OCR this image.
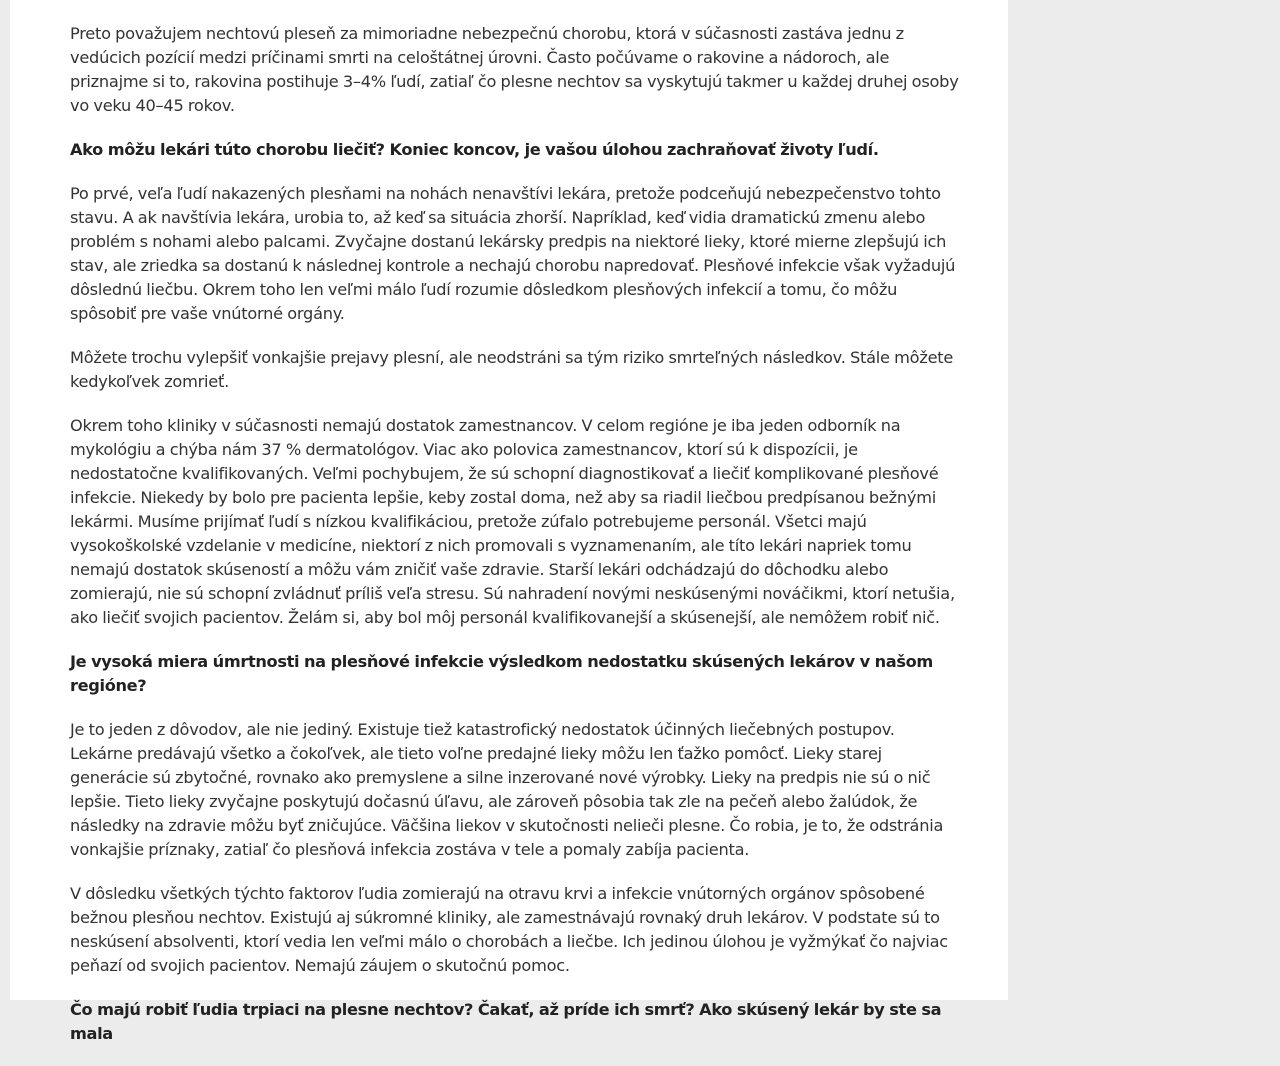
Preto považujem nechtovú pleseň za mimoriadne nebezpečnú chorobu, ktorá v súčasnosti zastáva jednu z vedúcich pozícií medzi príčinami smrti na celoštátnej úrovni. Často počúvame o rakovine a nádoroch, ale priznajme si to, rakovina postihuje 3–4% ľudí, zatiaľ čo plesne nechtov sa vyskytujú takmer u každej druhej osoby vo veku 40–45 rokov.

Ako môžu lekári túto chorobu liečiť? Koniec koncov, je vašou úlohou zachraňovať životy ľudí.

Po prvé, veľa ľudí nakazených plesňami na nohách nenavštívi lekára, pretože podceňujú nebezpečenstvo tohto stavu. A ak navštívia lekára, urobia to, až keď sa situácia zhorší. Napríklad, keď vidia dramatickú zmenu alebo problém s nohami alebo palcami. Zvyčajne dostanú lekársky predpis na niektoré lieky, ktoré mierne zlepšujú ich stav, ale zriedka sa dostanú k následnej kontrole a nechajú chorobu napredovať. Plesňové infekcie však vyžadujú dôslednú liečbu. Okrem toho len veľmi málo ľudí rozumie dôsledkom plesňových infekcií a tomu, čo môžu spôsobiť pre vaše vnútorné orgány.

Môžete trochu vylepšiť vonkajšie prejavy plesní, ale neodstráni sa tým riziko smrteľných následkov. Stále môžete kedykoľvek zomrieť.

Okrem toho kliniky v súčasnosti nemajú dostatok zamestnancov. V celom regióne je iba jeden odborník na mykológiu a chýba nám 37 % dermatológov. Viac ako polovica zamestnancov, ktorí sú k dispozícii, je nedostatočne kvalifikovaných. Veľmi pochybujem, že sú schopní diagnostikovať a liečiť komplikované plesňové infekcie. Niekedy by bolo pre pacienta lepšie, keby zostal doma, než aby sa riadil liečbou predpísanou bežnými lekármi. Musíme prijímať ľudí s nízkou kvalifikáciou, pretože zúfalo potrebujeme personál. Všetci majú vysokoškolské vzdelanie v medicíne, niektorí z nich promovali s vyznamenaním, ale títo lekári napriek tomu nemajú dostatok skúseností a môžu vám zničiť vaše zdravie. Starší lekári odchádzajú do dôchodku alebo zomierajú, nie sú schopní zvládnuť príliš veľa stresu. Sú nahradení novými neskúsenými nováčikmi, ktorí netušia, ako liečiť svojich pacientov. Želám si, aby bol môj personál kvalifikovanejší a skúsenejší, ale nemôžem robiť nič.

Je vysoká miera úmrtnosti na plesňové infekcie výsledkom nedostatku skúsených lekárov v našom regióne?

Je to jeden z dôvodov, ale nie jediný. Existuje tiež katastrofický nedostatok účinných liečebných postupov. Lekárne predávajú všetko a čokoľvek, ale tieto voľne predajné lieky môžu len ťažko pomôcť. Lieky starej generácie sú zbytočné, rovnako ako premyslene a silne inzerované nové výrobky. Lieky na predpis nie sú o nič lepšie. Tieto lieky zvyčajne poskytujú dočasnú úľavu, ale zároveň pôsobia tak zle na pečeň alebo žalúdok, že následky na zdravie môžu byť zničujúce. Väčšina liekov v skutočnosti nelieči plesne. Čo robia, je to, že odstránia vonkajšie príznaky, zatiaľ čo plesňová infekcia zostáva v tele a pomaly zabíja pacienta.

V dôsledku všetkých týchto faktorov ľudia zomierajú na otravu krvi a infekcie vnútorných orgánov spôsobené bežnou plesňou nechtov. Existujú aj súkromné kliniky, ale zamestnávajú rovnaký druh lekárov. V podstate sú to neskúsení absolventi, ktorí vedia len veľmi málo o chorobách a liečbe. Ich jedinou úlohou je vyžmýkať čo najviac peňazí od svojich pacientov. Nemajú záujem o skutočnú pomoc.

Čo majú robiť ľudia trpiaci na plesne nechtov? Čakať, až príde ich smrť? Ako skúsený lekár by ste sa mala
